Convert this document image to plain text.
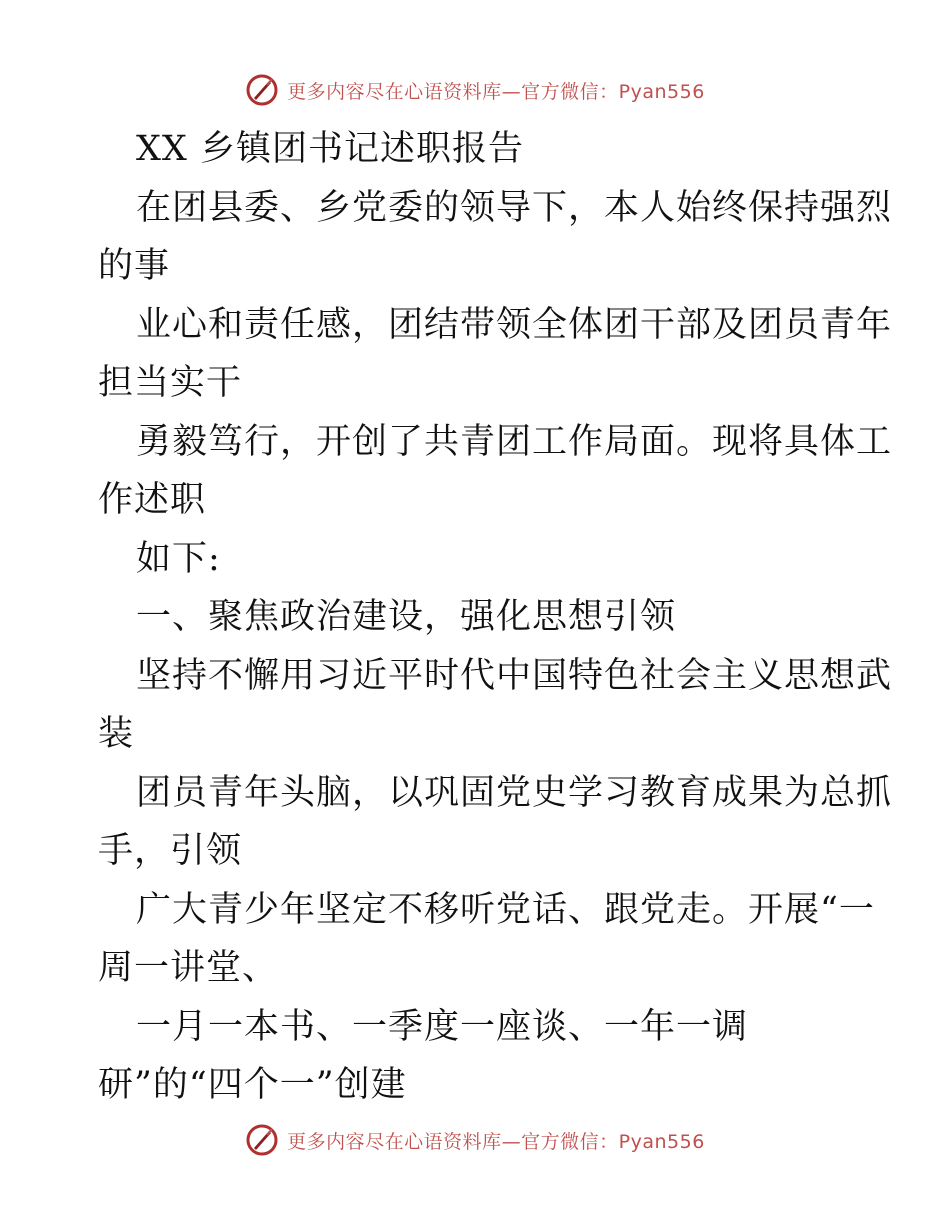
更多内容尽在心语资料库—官方微信：Pyan556
XX 乡镇团书记述职报告
在团县委、乡党委的领导下，本人始终保持强烈
的事
业心和责任感，团结带领全体团干部及团员青年
担当实干
勇毅笃行，开创了共青团工作局面。现将具体工
作述职
如下:
一、聚焦政治建设，强化思想引领
坚持不懈用习近平时代中国特色社会主义思想武
装
团员青年头脑，以巩固党史学习教育成果为总抓
手，引领
广大青少年坚定不移听党话、跟党走。开展“一
周一讲堂、
一月一本书、一季度一座谈、一年一调
研”的“四个一”创建
更多内容尽在心语资料库—官方微信：Pyan556
